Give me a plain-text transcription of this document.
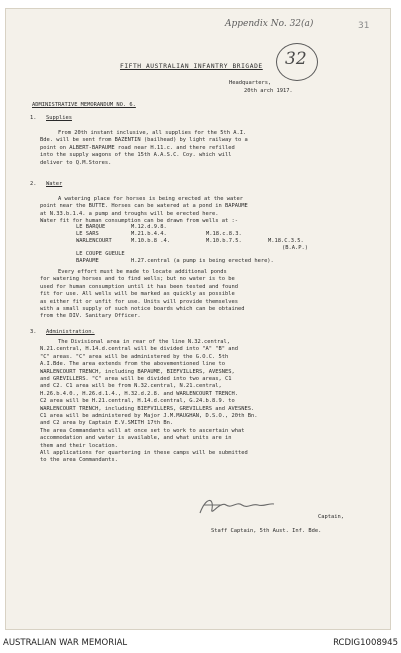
Appendix No. 32(a)	31
32
FIFTH AUSTRALIAN INFANTRY BRIGADE
Headquarters,
20th arch 1917.
ADMINISTRATIVE MEMORANDUM NO. 6.
1. Supplies
From 20th instant inclusive, all supplies for the 5th A.I.
Bde. will be sent from BAZENTIN (bailhead) by light railway to a
point on ALBERT-BAPAUME road near H.11.c. and there refilled
into the supply wagons of the 15th A.A.S.C. Coy. which will
deliver to Q.M.Stores.
2. Water
A watering place for horses is being erected at the water
point near the BUTTE. Horses can be watered at a pond in BAPAUME
at N.33.b.1.4. a pump and troughs will be erected here.
Water fit for human consumption can be drawn from wells at :-
LE BARQUE	M.12.d.9.8.
LE SARS	M.21.b.4.4.	M.18.c.8.3.
WARLENCOURT	M.10.b.8 .4.	M.10.b.7.5.	M.18.C.3.5.
(B.A.P.)
LE COUPE GUEULE
BAPAUME	H.27.central (a pump is being erected here).
Every effort must be made to locate additional ponds
for watering horses and to find wells; but no water is to be
used for human consumption until it has been tested and found
fit for use. All wells will be marked as quickly as possible
as either fit or unfit for use. Units will provide themselves
with a small supply of such notice boards which can be obtained
from the DIV. Sanitary Officer.
3. Administration.
The Divisional area in rear of the line N.32.central,
N.21.central, H.14.d.central will be divided into "A" "B" and
"C" areas. "C" area will be administered by the G.O.C. 5th
A.I.Bde. The area extends from the abovementioned line to
WARLENCOURT TRENCH, including BAPAUME, BIEFVILLERS, AVESNES,
and GREVILLERS. "C" area will be divided into two areas, C1
and C2. C1 area will be from N.32.central, N.21.central,
H.26.b.4.0., H.26.d.1.4., H.32.d.2.8. and WARLENCOURT TRENCH.
C2 area will be H.21.central, H.14.d.central, G.24.b.8.9. to
WARLENCOURT TRENCH, including BIEFVILLERS, GREVILLERS and AVESNES.
C1 area will be administered by Major J.M.MAUGHAN, D.S.O., 20th Bn.
and C2 area by Captain E.V.SMITH 17th Bn.
The area Commandants will at once set to work to ascertain what
accommodation and water is available, and what units are in
them and their location.
All applications for quartering in these camps will be submitted
to the area Commandants.
Captain,
Staff Captain, 5th Aust. Inf. Bde.
AUSTRALIAN WAR MEMORIAL	RCDIG1008945
